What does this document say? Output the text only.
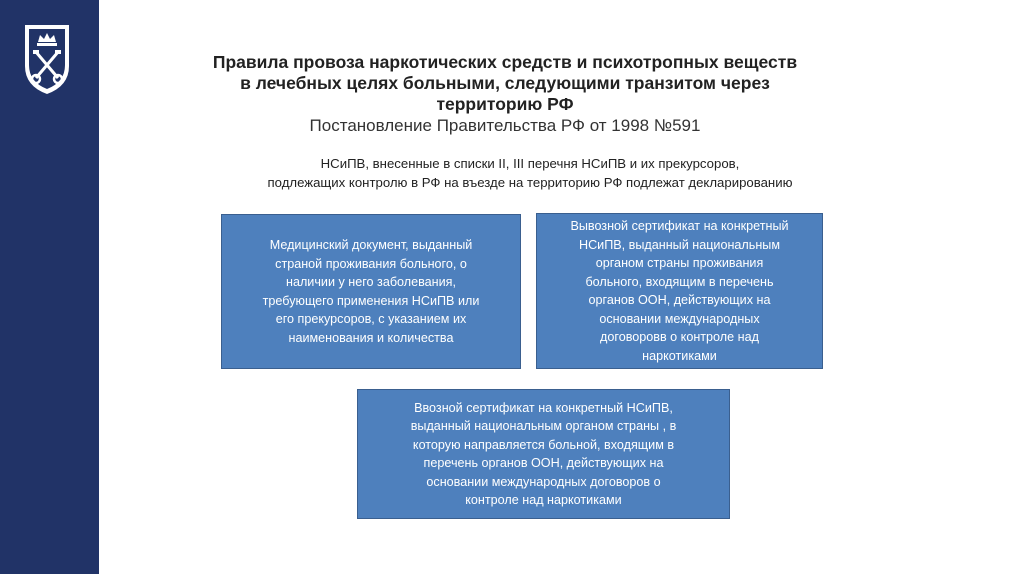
Правила провоза наркотических средств и психотропных веществ
в лечебных целях больными, следующими транзитом через
территорию РФ
Постановление Правительства РФ от 1998 №591
НСиПВ, внесенные в списки II, III перечня НСиПВ и их прекурсоров,
подлежащих контролю в РФ на въезде на территорию РФ подлежат декларированию
Медицинский документ, выданный
страной проживания больного, о
наличии у него заболевания,
требующего применения НСиПВ или
его прекурсоров, с указанием их
наименования и количества
Вывозной сертификат на конкретный
НСиПВ, выданный национальным
органом страны проживания
больного, входящим в перечень
органов ООН, действующих на
основании международных
договоровв о контроле над
наркотиками
Ввозной сертификат на конкретный НСиПВ,
выданный национальным органом страны , в
которую направляется больной, входящим в
перечень органов ООН, действующих на
основании международных договоров о
контроле над наркотиками
